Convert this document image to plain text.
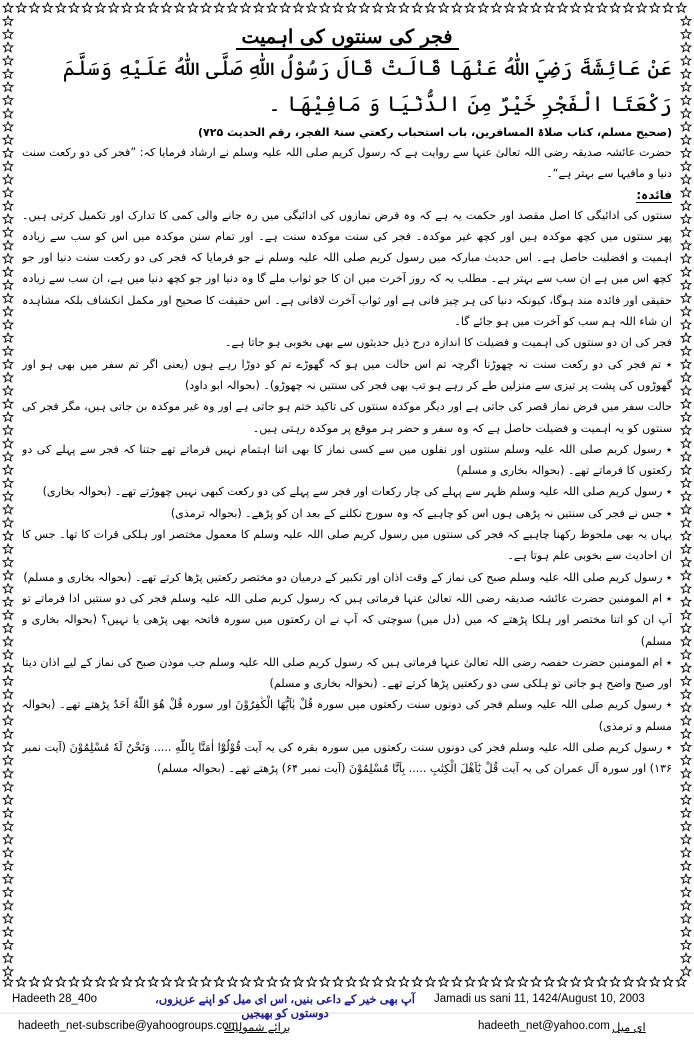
فجر کی سنتوں کی اہمیت
عَنْ عَائِشَةَ رَضِيَ اللّٰهُ عَنْهَا قَالَتْ قَالَ رَسُوْلُ اللّٰهِ صَلَّى اللّٰهُ عَلَيْهِ وَسَلَّمَ رَكْعَتَا الْفَجْرِ خَيْرٌ مِنَ الدُّنْيَا وَ مَافِيْهَا ۔
(صحیح مسلم، کتاب صلاۃ المسافرین، باب استحباب رکعتي سنۃ الفجر، رقم الحدیث ۷۲۵)
حضرت عائشہ صدیقہ رضی اللہ تعالیٰ عنہا سے روایت ہے کہ رسول کریم صلی اللہ علیہ وسلم نے ارشاد فرمایا کہ: ”فجر کی دو رکعت سنت دنیا و مافیہا سے بہتر ہے“۔
فائدہ:
سنتوں کی ادائیگی کا اصل مقصد اور حکمت یہ ہے کہ وہ فرض نمازوں کی ادائیگی میں رہ جانے والی کمی کا تدارک اور تکمیل کرتی ہیں۔ پھر سنتوں میں کچھ موکدہ ہیں اور کچھ غیر موکدہ۔ فجر کی سنت موکدہ سنت ہے۔ اور تمام سنن موکدہ میں اس کو سب سے زیادہ اہمیت و افضلیت حاصل ہے۔ اس حدیث مبارکہ میں رسول کریم صلی اللہ علیہ وسلم نے جو فرمایا کہ فجر کی دو رکعت سنت دنیا اور جو کچھ اس میں ہے ان سب سے بہتر ہے۔ مطلب یہ کہ روز آخرت میں ان کا جو ثواب ملے گا وہ دنیا اور جو کچھ دنیا میں ہے، ان سب سے زیادہ حقیقی اور فائدہ مند ہوگا، کیونکہ دنیا کی ہر چیز فانی ہے اور ثواب آخرت لافانی ہے۔ اس حقیقت کا صحیح اور مکمل انکشاف بلکہ مشاہدہ ان شاء اللہ ہم سب کو آخرت میں ہو جائے گا۔
فجر کی ان دو سنتوں کی اہمیت و فضیلت کا اندازہ درج ذیل حدیثوں سے بھی بخوبی ہو جاتا ہے۔
٭ تم فجر کی دو رکعت سنت نہ چھوڑنا اگرچہ تم اس حالت میں ہو کہ گھوڑے تم کو دوڑا رہے ہوں (یعنی اگر تم سفر میں بھی ہو اور گھوڑوں کی پشت پر تیزی سے منزلیں طے کر رہے ہو تب بھی فجر کی سنتیں نہ چھوڑو)۔ (بحوالہ ابو داود)
حالت سفر میں فرض نماز قصر کی جاتی ہے اور دیگر موکدہ سنتوں کی تاکید ختم ہو جاتی ہے اور وہ غیر موکدہ بن جاتی ہیں، مگر فجر کی سنتوں کو یہ اہمیت و فضیلت حاصل ہے کہ وہ سفر و حضر ہر موقع پر موکدہ رہتی ہیں۔
٭ رسول کریم صلی اللہ علیہ وسلم سنتوں اور نفلوں میں سے کسی نماز کا بھی اتنا اہتمام نہیں فرماتے تھے جتنا کہ فجر سے پہلے کی دو رکعتوں کا فرماتے تھے۔ (بحوالہ بخاری و مسلم)
٭ رسول کریم صلی اللہ علیہ وسلم ظہر سے پہلے کی چار رکعات اور فجر سے پہلے کی دو رکعت کبھی نہیں چھوڑتے تھے۔ (بحوالہ بخاری)
٭ جس نے فجر کی سنتیں نہ پڑھی ہوں اس کو چاہیے کہ وہ سورج نکلنے کے بعد ان کو پڑھے۔ (بحوالہ ترمذی)
یہاں یہ بھی ملحوظ رکھنا چاہیے کہ فجر کی سنتوں میں رسول کریم صلی اللہ علیہ وسلم کا معمول مختصر اور ہلکی قرات کا تھا۔ جس کا ان احادیث سے بخوبی علم ہوتا ہے۔
٭ رسول کریم صلی اللہ علیہ وسلم صبح کی نماز کے وقت اذان اور تکبیر کے درمیان دو مختصر رکعتیں پڑھا کرتے تھے۔ (بحوالہ بخاری و مسلم)
٭ ام المومنین حضرت عائشہ صدیقہ رضی اللہ تعالیٰ عنہا فرماتی ہیں کہ رسول کریم صلی اللہ علیہ وسلم فجر کی دو سنتیں ادا فرماتے تو آپ ان کو اتنا مختصر اور ہلکا پڑھتے کہ میں (دل میں) سوچتی کہ آپ نے ان رکعتوں میں سورہ فاتحہ بھی پڑھی یا نہیں؟ (بحوالہ بخاری و مسلم)
٭ ام المومنین حضرت حفصہ رضی اللہ تعالیٰ عنہا فرماتی ہیں کہ رسول کریم صلی اللہ علیہ وسلم جب موذن صبح کی نماز کے لیے اذان دیتا اور صبح واضح ہو جاتی تو ہلکی سی دو رکعتیں پڑھا کرتے تھے۔ (بحوالہ بخاری و مسلم)
٭ رسول کریم صلی اللہ علیہ وسلم فجر کی دونوں سنت رکعتوں میں سورہ قُلْ يٰاَيُّهَا الْكٰفِرُوْنَ اور سورہ قُلْ هُوَ اللّٰهُ اَحَدٌ پڑھتے تھے۔ (بحوالہ مسلم و ترمذی)
٭ رسول کریم صلی اللہ علیہ وسلم فجر کی دونوں سنت رکعتوں میں سورہ بقرہ کی یہ آیت قُوْلُوْٓا اٰمَنَّا بِاللّٰهِ ..... وَنَحْنُ لَهٗ مُسْلِمُوْنَ (آیت نمبر ۱۳۶) اور سورہ آل عمران کی یہ آیت قُلْ يٰٓاَهْلَ الْكِتٰبِ ..... بِاَنَّا مُسْلِمُوْنَ (آیت نمبر ۶۴) پڑھتے تھے۔ (بحوالہ مسلم)
Hadeeth 28_40o	آپ بھی خیر کے داعی بنیں، اس ای میل کو اپنے عزیزوں، دوستوں کو بھیجیں
Jamadi us sani 11, 1424/August 10, 2003
hadeeth_net-subscribe@yahoogroups.com
برائے شمولیت	hadeeth_net@yahoo.com ای میل
